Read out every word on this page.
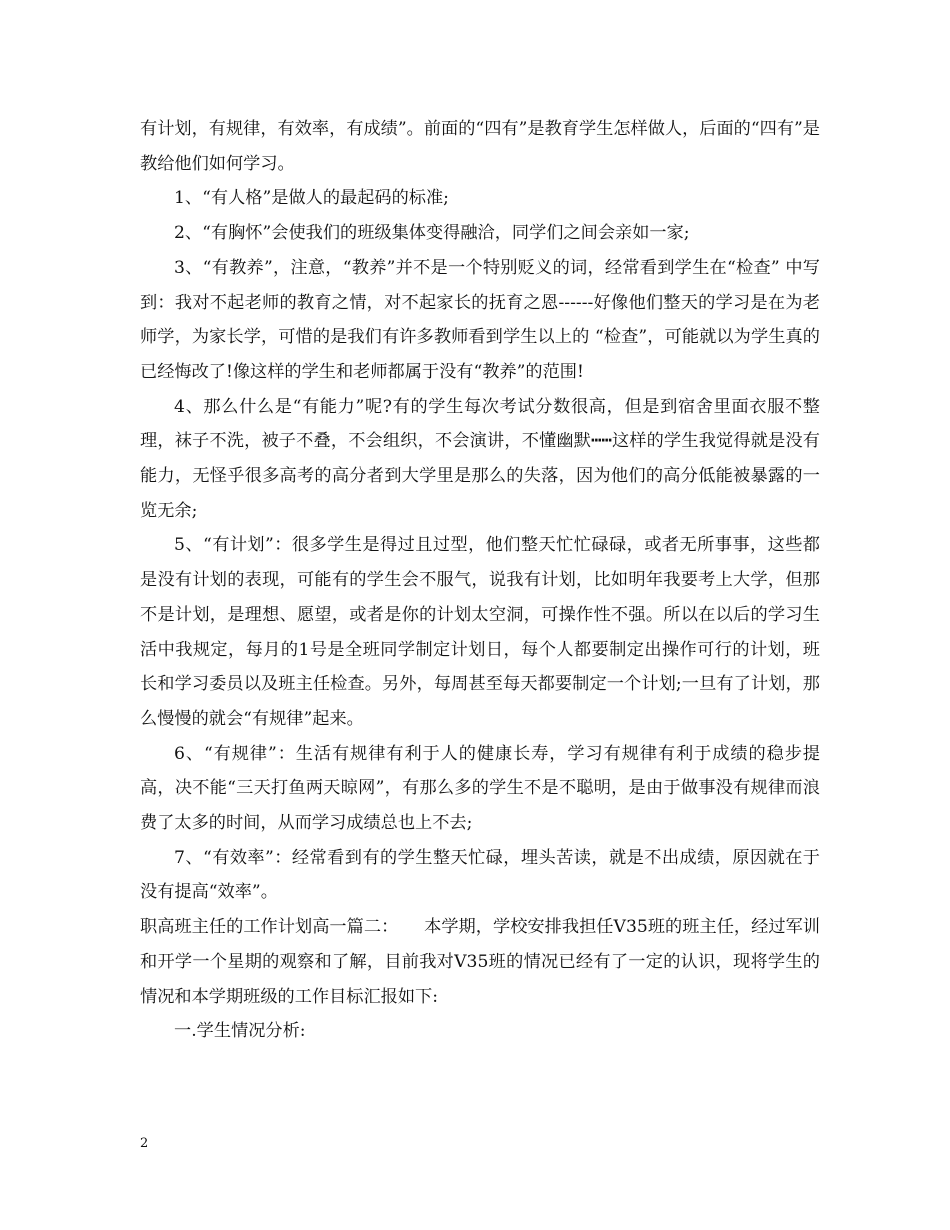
有计划，有规律，有效率，有成绩”。前面的“四有”是教育学生怎样做人，后面的“四有”是教给他们如何学习。

1、“有人格”是做人的最起码的标准;

2、“有胸怀”会使我们的班级集体变得融洽，同学们之间会亲如一家;

3、“有教养”，注意，“教养”并不是一个特别贬义的词，经常看到学生在“检查” 中写到：我对不起老师的教育之情，对不起家长的抚育之恩------好像他们整天的学习是在为老师学，为家长学，可惜的是我们有许多教师看到学生以上的 “检查”，可能就以为学生真的已经悔改了!像这样的学生和老师都属于没有“教养”的范围!

4、那么什么是“有能力”呢?有的学生每次考试分数很高，但是到宿舍里面衣服不整理，袜子不洗，被子不叠，不会组织，不会演讲，不懂幽默┅┅这样的学生我觉得就是没有能力，无怪乎很多高考的高分者到大学里是那么的失落，因为他们的高分低能被暴露的一览无余;

5、“有计划”：很多学生是得过且过型，他们整天忙忙碌碌，或者无所事事，这些都是没有计划的表现，可能有的学生会不服气，说我有计划，比如明年我要考上大学，但那不是计划，是理想、愿望，或者是你的计划太空洞，可操作性不强。所以在以后的学习生活中我规定，每月的1号是全班同学制定计划日，每个人都要制定出操作可行的计划，班长和学习委员以及班主任检查。另外，每周甚至每天都要制定一个计划;一旦有了计划，那么慢慢的就会“有规律”起来。

6、“有规律”：生活有规律有利于人的健康长寿，学习有规律有利于成绩的稳步提高，决不能“三天打鱼两天晾网”，有那么多的学生不是不聪明，是由于做事没有规律而浪费了太多的时间，从而学习成绩总也上不去;

7、“有效率”：经常看到有的学生整天忙碌，埋头苦读，就是不出成绩，原因就在于没有提高“效率”。

职高班主任的工作计划高一篇二：　　本学期，学校安排我担任V35班的班主任，经过军训和开学一个星期的观察和了解，目前我对V35班的情况已经有了一定的认识，现将学生的情况和本学期班级的工作目标汇报如下:

一.学生情况分析:

2
